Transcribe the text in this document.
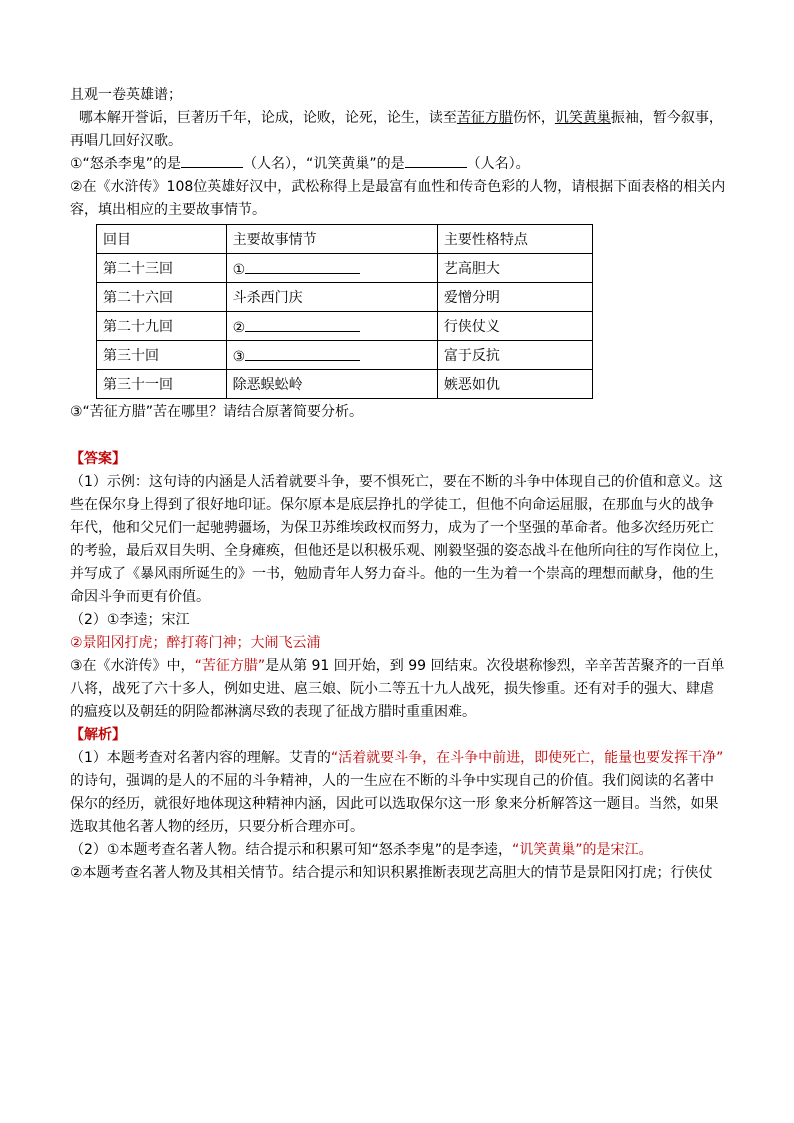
且观一卷英雄谱；

哪本解开誉诟，巨著历千年，论成，论败，论死，论生，读至苦征方腊伤怀，讥笑黄巢振袖，暂今叙事，

再唱几回好汉歌。

①“怒杀李鬼”的是	（人名），“讥笑黄巢”的是	（人名）。

②在《水浒传》108位英雄好汉中，武松称得上是最富有血性和传奇色彩的人物，请根据下面表格的相关内

容，填出相应的主要故事情节。

回目	主要故事情节	主要性格特点
第二十三回	①	艺高胆大
第二十六回	斗杀西门庆	爱憎分明
第二十九回	②	行侠仗义
第三十回	③	富于反抗
第三十一回	除恶蜈蚣岭	嫉恶如仇

③“苦征方腊”苦在哪里？请结合原著简要分析。

【答案】

（1）示例：这句诗的内涵是人活着就要斗争，要不惧死亡，要在不断的斗争中体现自己的价值和意义。这

些在保尔身上得到了很好地印证。保尔原本是底层挣扎的学徒工，但他不向命运屈服，在那血与火的战争

年代，他和父兄们一起驰骋疆场，为保卫苏维埃政权而努力，成为了一个坚强的革命者。他多次经历死亡

的考验，最后双目失明、全身瘫痪，但他还是以积极乐观、刚毅坚强的姿态战斗在他所向往的写作岗位上，

并写成了《暴风雨所诞生的》一书，勉励青年人努力奋斗。他的一生为着一个崇高的理想而献身，他的生

命因斗争而更有价值。

（2）①李逵；宋江

②景阳冈打虎；醉打蒋门神；大闹飞云浦

③在《水浒传》中，“苦征方腊”是从第 91 回开始，到 99 回结束。次役堪称惨烈，辛辛苦苦聚齐的一百单

八将，战死了六十多人，例如史进、扈三娘、阮小二等五十九人战死，损失惨重。还有对手的强大、肆虐

的瘟疫以及朝廷的阴险都淋漓尽致的表现了征战方腊时重重困难。

【解析】

（1）本题考查对名著内容的理解。艾青的“活着就要斗争，在斗争中前进，即使死亡，能量也要发挥干净”

的诗句，强调的是人的不屈的斗争精神，人的一生应在不断的斗争中实现自己的价值。我们阅读的名著中

保尔的经历，就很好地体现这种精神内涵，因此可以选取保尔这一形 象来分析解答这一题目。当然，如果

选取其他名著人物的经历，只要分析合理亦可。

（2）①本题考查名著人物。结合提示和积累可知“怒杀李鬼”的是李逵，“讥笑黄巢”的是宋江。

②本题考查名著人物及其相关情节。结合提示和知识积累推断表现艺高胆大的情节是景阳冈打虎；行侠仗
